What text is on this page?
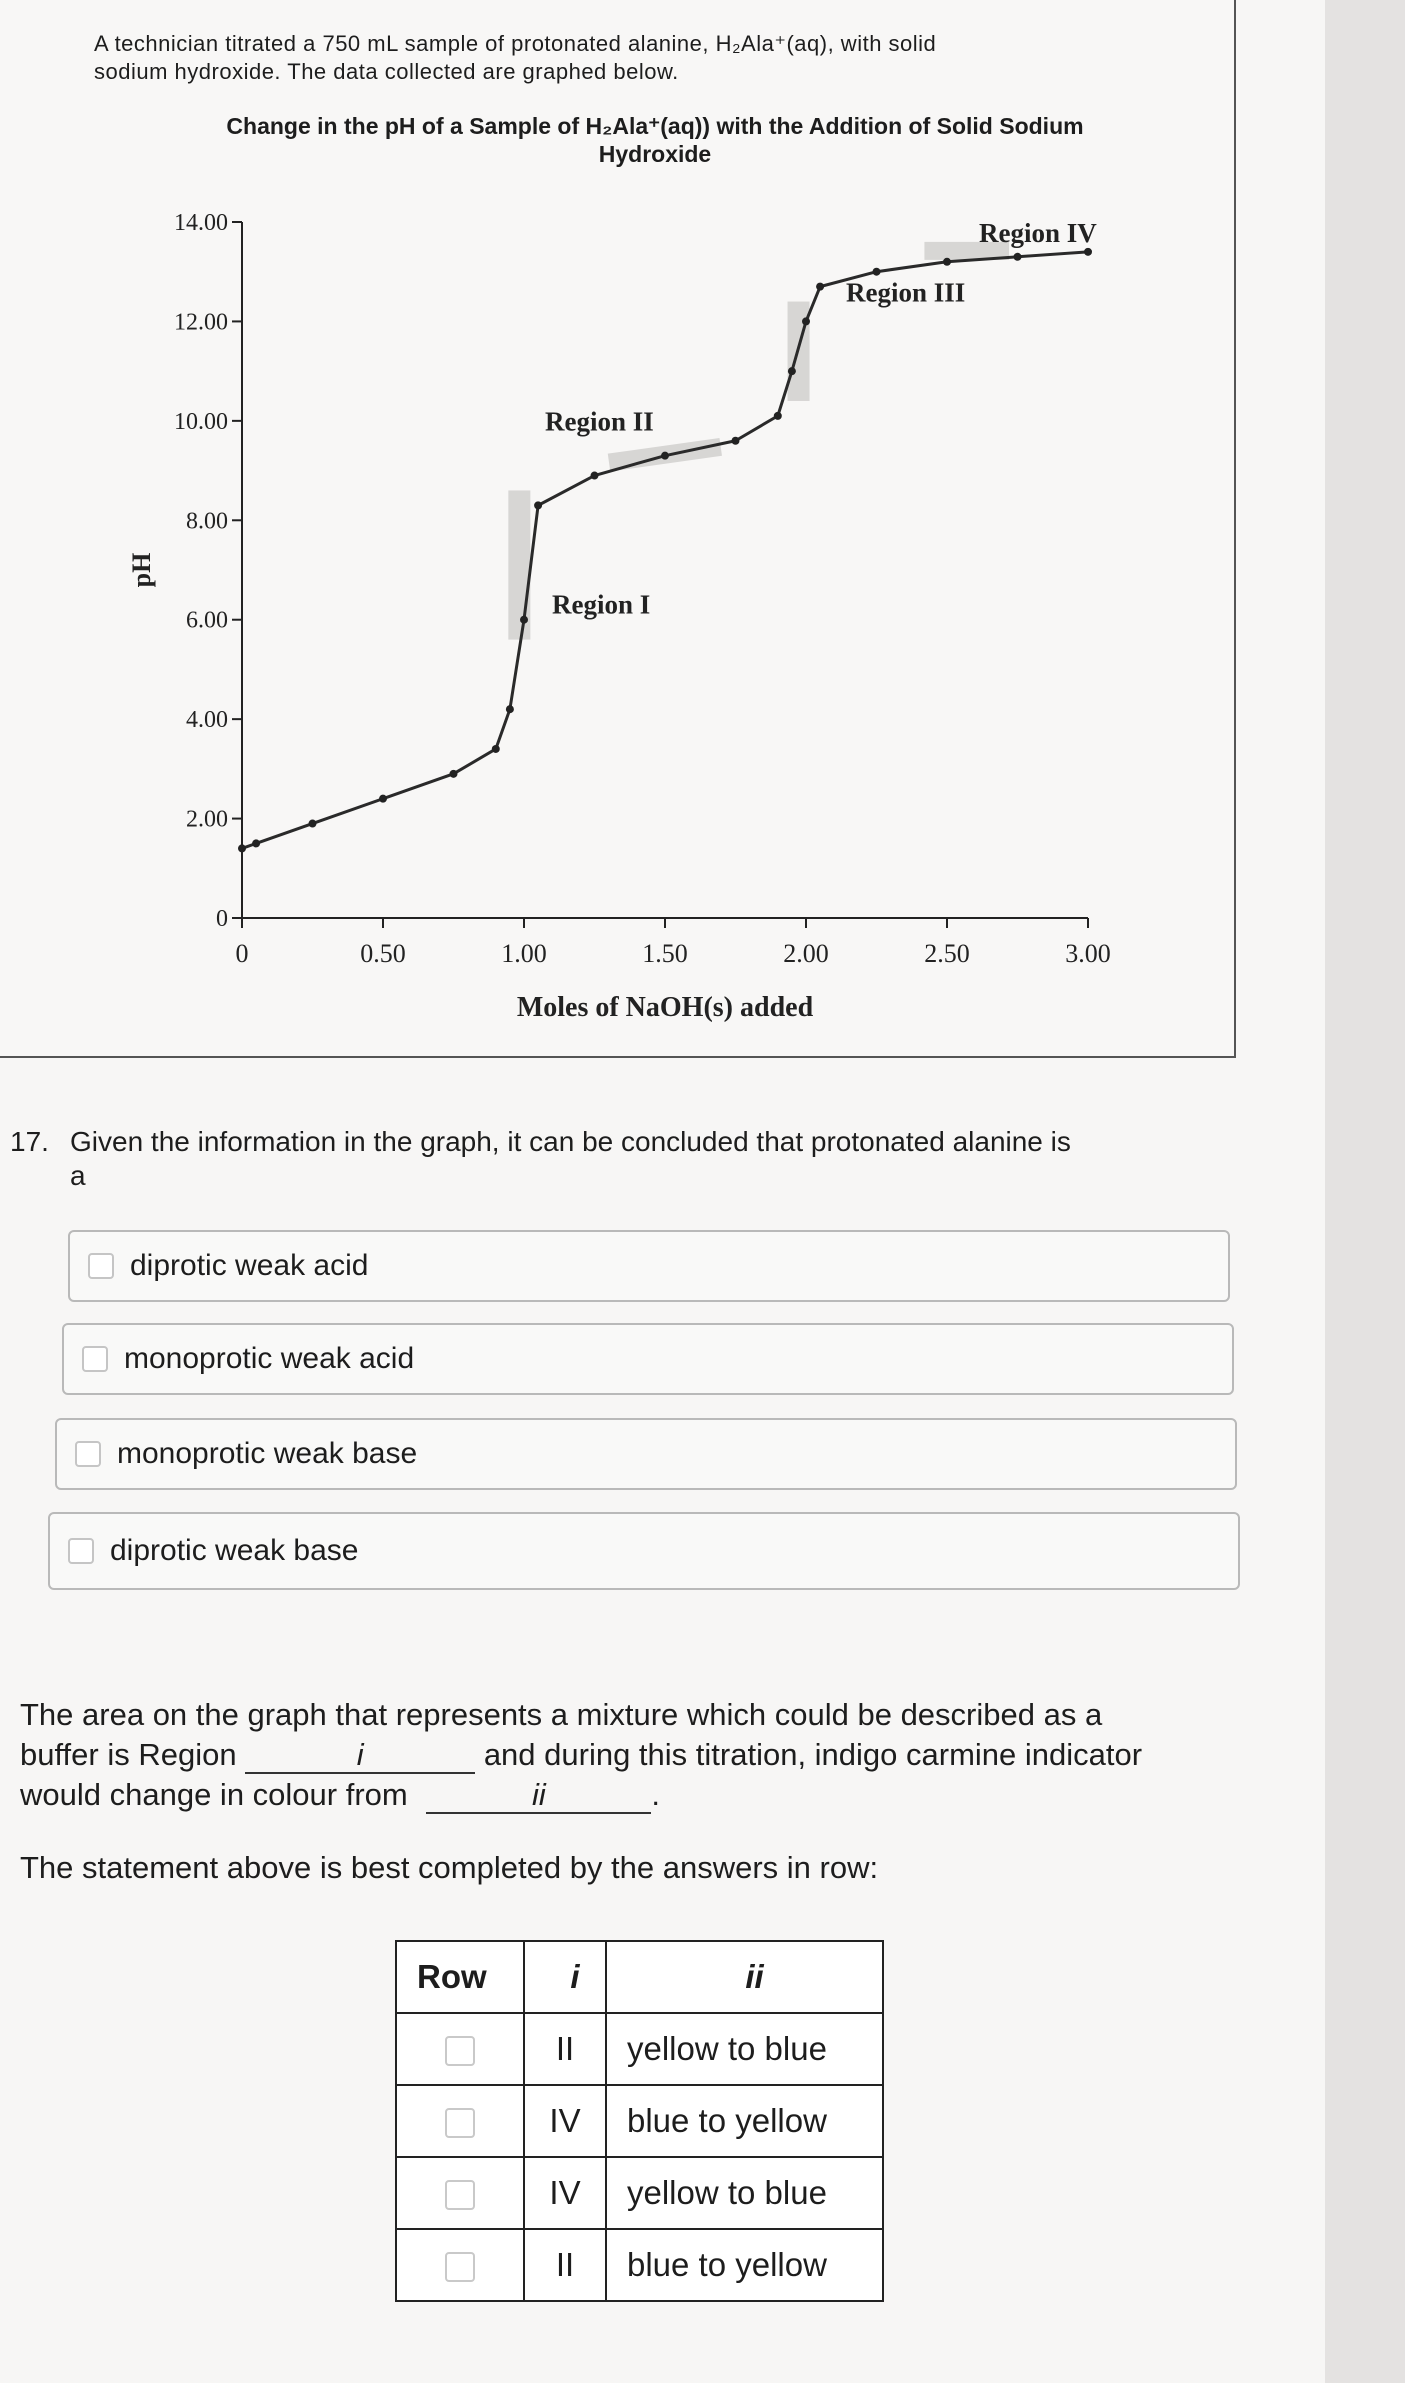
A technician titrated a 750 mL sample of protonated alanine, H₂Ala⁺(aq), with solid
sodium hydroxide. The data collected are graphed below.
Change in the pH of a Sample of H₂Ala⁺(aq)) with the Addition of Solid Sodium
Hydroxide
0
2.00
4.00
6.00
8.00
10.00
12.00
14.00
0	0.50	1.00	1.50	2.00	2.50	3.00
pH
Moles of NaOH(s) added
Region I
Region II
Region III
Region IV
17. Given the information in the graph, it can be concluded that protonated alanine is
a
diprotic weak acid
monoprotic weak acid
monoprotic weak base
diprotic weak base
The area on the graph that represents a mixture which could be described as a
buffer is Region	i	and during this titration, indigo carmine indicator
would change in colour from	ii	.
The statement above is best completed by the answers in row:
Row	i	ii
	II	yellow to blue
	IV	blue to yellow
	IV	yellow to blue
	II	blue to yellow
